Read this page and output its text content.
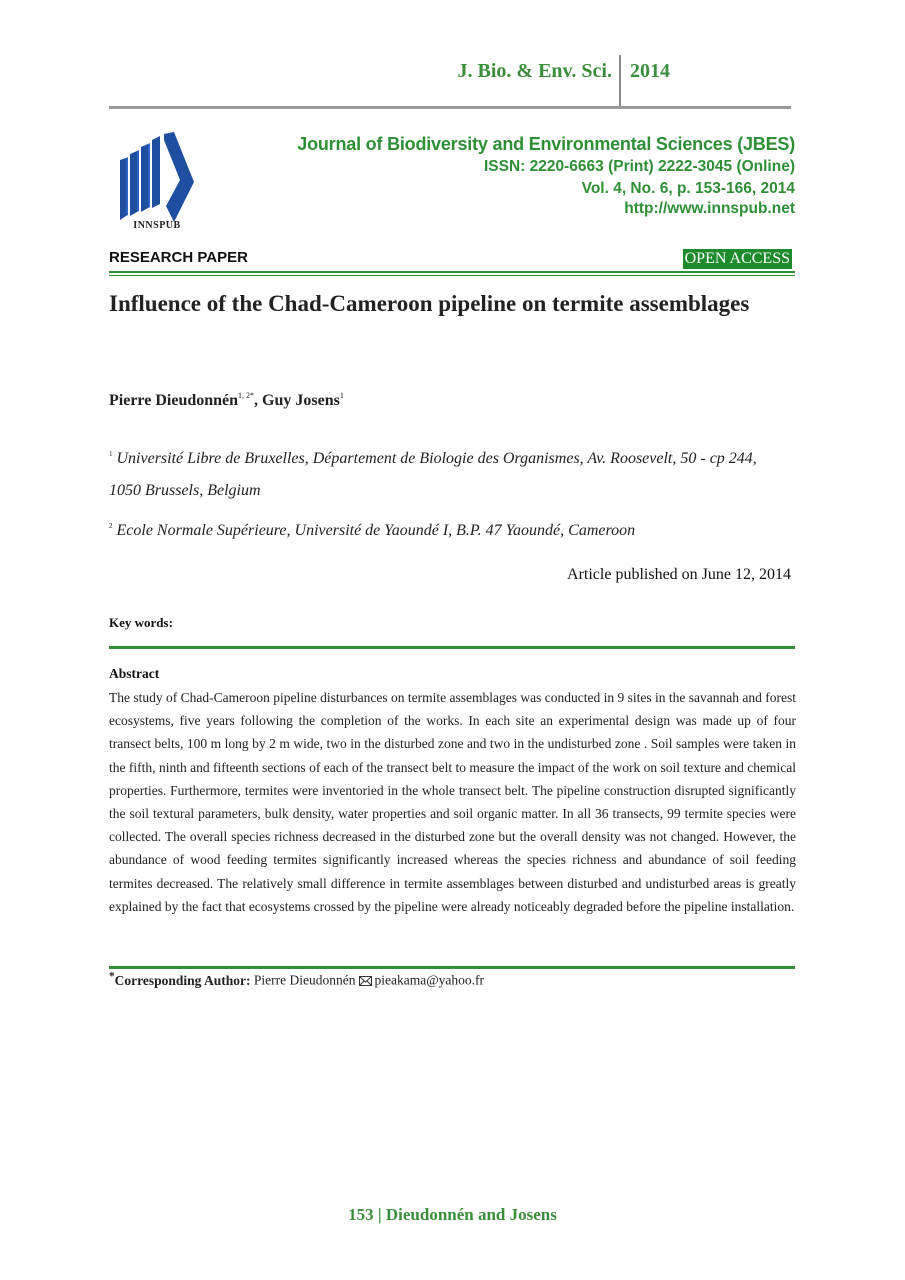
J. Bio. & Env. Sci. 2014
INNSPUB
Journal of Biodiversity and Environmental Sciences (JBES)
ISSN: 2220-6663 (Print) 2222-3045 (Online)
Vol. 4, No. 6, p. 153-166, 2014
http://www.innspub.net
RESEARCH PAPER	OPEN ACCESS
Influence of the Chad-Cameroon pipeline on termite assemblages
Pierre Dieudonnén$^{1, 2*}$, Guy Josens$^1$
$^1$ Université Libre de Bruxelles, Département de Biologie des Organismes, Av. Roosevelt, 50 - cp 244, 1050 Brussels, Belgium
$^2$ Ecole Normale Supérieure, Université de Yaoundé I, B.P. 47 Yaoundé, Cameroon
Article published on June 12, 2014
Key words:
Abstract
The study of Chad-Cameroon pipeline disturbances on termite assemblages was conducted in 9 sites in the savannah and forest ecosystems, five years following the completion of the works. In each site an experimental design was made up of four transect belts, 100 m long by 2 m wide, two in the disturbed zone and two in the undisturbed zone . Soil samples were taken in the fifth, ninth and fifteenth sections of each of the transect belt to measure the impact of the work on soil texture and chemical properties. Furthermore, termites were inventoried in the whole transect belt. The pipeline construction disrupted significantly the soil textural parameters, bulk density, water properties and soil organic matter. In all 36 transects, 99 termite species were collected. The overall species richness decreased in the disturbed zone but the overall density was not changed. However, the abundance of wood feeding termites significantly increased whereas the species richness and abundance of soil feeding termites decreased. The relatively small difference in termite assemblages between disturbed and undisturbed areas is greatly explained by the fact that ecosystems crossed by the pipeline were already noticeably degraded before the pipeline installation.
*Corresponding Author: Pierre Dieudonnén pieakama@yahoo.fr
153 | Dieudonnén and Josens
